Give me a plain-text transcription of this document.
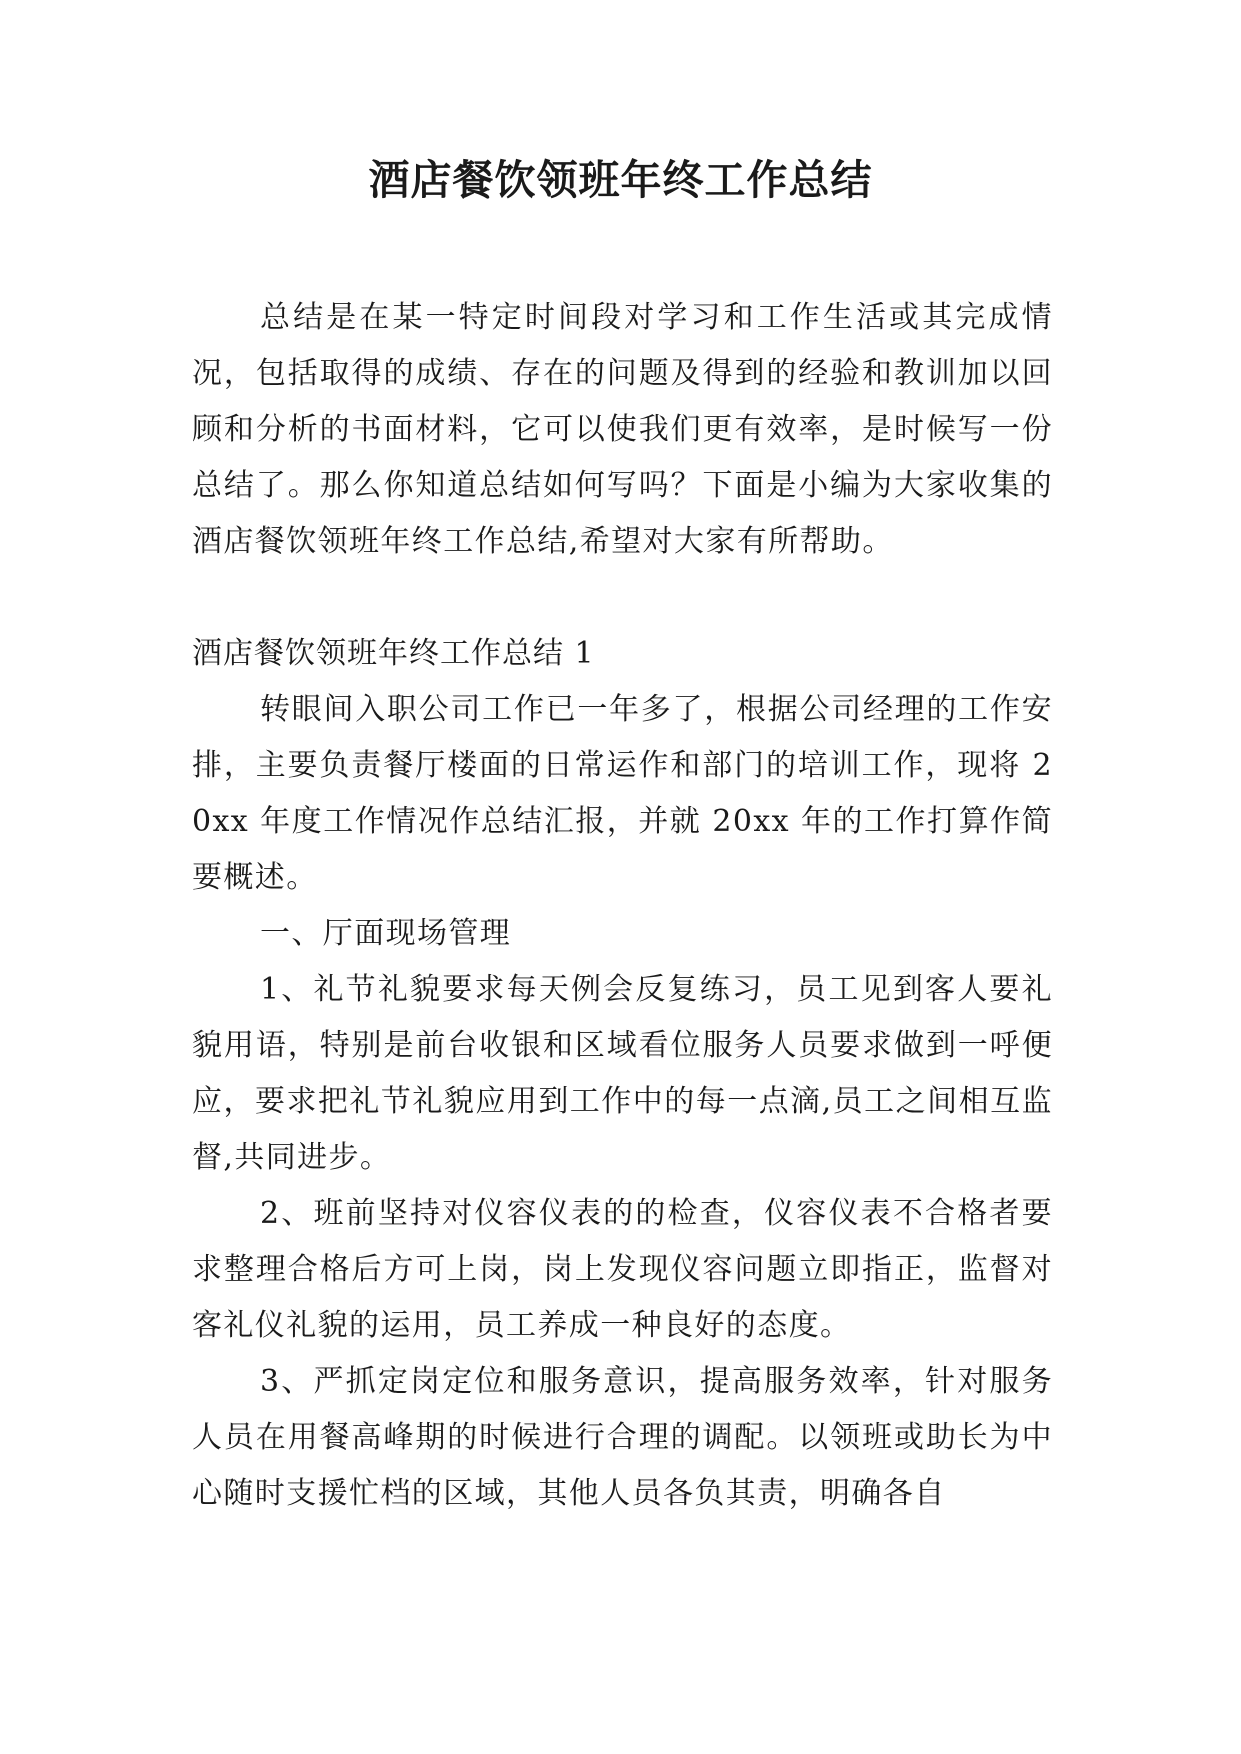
酒店餐饮领班年终工作总结

总结是在某一特定时间段对学习和工作生活或其完成情况，包括取得的成绩、存在的问题及得到的经验和教训加以回顾和分析的书面材料，它可以使我们更有效率，是时候写一份总结了。那么你知道总结如何写吗？下面是小编为大家收集的酒店餐饮领班年终工作总结,希望对大家有所帮助。

酒店餐饮领班年终工作总结 1

转眼间入职公司工作已一年多了，根据公司经理的工作安排，主要负责餐厅楼面的日常运作和部门的培训工作，现将 20xx 年度工作情况作总结汇报，并就 20xx 年的工作打算作简要概述。

一、厅面现场管理

1、礼节礼貌要求每天例会反复练习，员工见到客人要礼貌用语，特别是前台收银和区域看位服务人员要求做到一呼便应，要求把礼节礼貌应用到工作中的每一点滴,员工之间相互监督,共同进步。

2、班前坚持对仪容仪表的的检查，仪容仪表不合格者要求整理合格后方可上岗，岗上发现仪容问题立即指正，监督对客礼仪礼貌的运用，员工养成一种良好的态度。

3、严抓定岗定位和服务意识，提高服务效率，针对服务人员在用餐高峰期的时候进行合理的调配。以领班或助长为中心随时支援忙档的区域，其他人员各负其责，明确各自
